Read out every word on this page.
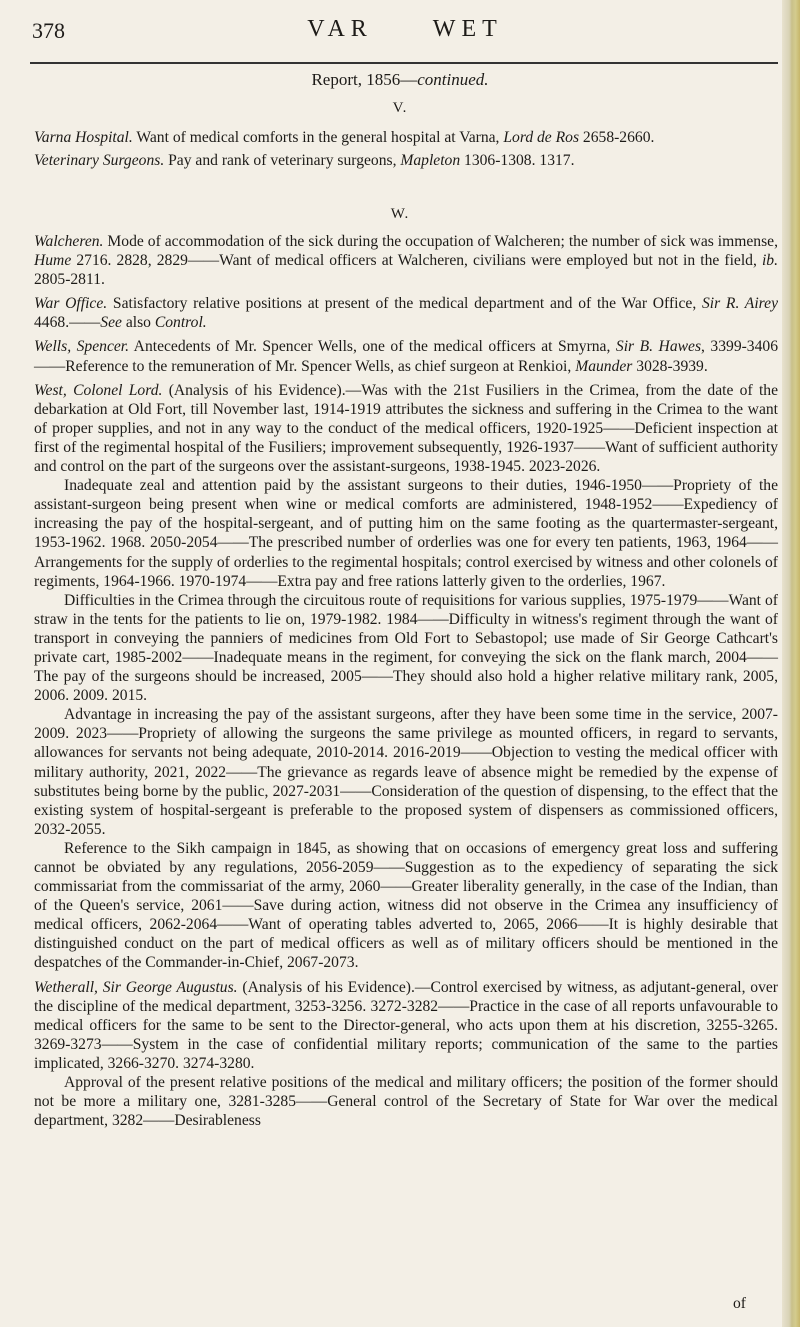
378	VAR	WET
Report, 1856—continued.
V.

Varna Hospital. Want of medical comforts in the general hospital at Varna, Lord de Ros 2658-2660.

Veterinary Surgeons. Pay and rank of veterinary surgeons, Mapleton 1306-1308. 1317.

W.

Walcheren. Mode of accommodation of the sick during the occupation of Walcheren; the number of sick was immense, Hume 2716. 2828, 2829——Want of medical officers at Walcheren, civilians were employed but not in the field, ib. 2805-2811.

War Office. Satisfactory relative positions at present of the medical department and of the War Office, Sir R. Airey 4468.——See also Control.

Wells, Spencer. Antecedents of Mr. Spencer Wells, one of the medical officers at Smyrna, Sir B. Hawes, 3399-3406——Reference to the remuneration of Mr. Spencer Wells, as chief surgeon at Renkioi, Maunder 3028-3939.

West, Colonel Lord. (Analysis of his Evidence).—Was with the 21st Fusiliers in the Crimea, from the date of the debarkation at Old Fort, till November last, 1914-1919 attributes the sickness and suffering in the Crimea to the want of proper supplies, and not in any way to the conduct of the medical officers, 1920-1925——Deficient inspection at first of the regimental hospital of the Fusiliers; improvement subsequently, 1926-1937——Want of sufficient authority and control on the part of the surgeons over the assistant-surgeons, 1938-1945. 2023-2026.

Inadequate zeal and attention paid by the assistant surgeons to their duties, 1946-1950——Propriety of the assistant-surgeon being present when wine or medical comforts are administered, 1948-1952——Expediency of increasing the pay of the hospital-sergeant, and of putting him on the same footing as the quartermaster-sergeant, 1953-1962. 1968. 2050-2054——The prescribed number of orderlies was one for every ten patients, 1963, 1964——Arrangements for the supply of orderlies to the regimental hospitals; control exercised by witness and other colonels of regiments, 1964-1966. 1970-1974——Extra pay and free rations latterly given to the orderlies, 1967.

Difficulties in the Crimea through the circuitous route of requisitions for various supplies, 1975-1979——Want of straw in the tents for the patients to lie on, 1979-1982. 1984——Difficulty in witness's regiment through the want of transport in conveying the panniers of medicines from Old Fort to Sebastopol; use made of Sir George Cathcart's private cart, 1985-2002——Inadequate means in the regiment, for conveying the sick on the flank march, 2004——The pay of the surgeons should be increased, 2005——They should also hold a higher relative military rank, 2005, 2006. 2009. 2015.

Advantage in increasing the pay of the assistant surgeons, after they have been some time in the service, 2007-2009. 2023——Propriety of allowing the surgeons the same privilege as mounted officers, in regard to servants, allowances for servants not being adequate, 2010-2014. 2016-2019——Objection to vesting the medical officer with military authority, 2021, 2022——The grievance as regards leave of absence might be remedied by the expense of substitutes being borne by the public, 2027-2031——Consideration of the question of dispensing, to the effect that the existing system of hospital-sergeant is preferable to the proposed system of dispensers as commissioned officers, 2032-2055.

Reference to the Sikh campaign in 1845, as showing that on occasions of emergency great loss and suffering cannot be obviated by any regulations, 2056-2059——Suggestion as to the expediency of separating the sick commissariat from the commissariat of the army, 2060——Greater liberality generally, in the case of the Indian, than of the Queen's service, 2061——Save during action, witness did not observe in the Crimea any insufficiency of medical officers, 2062-2064——Want of operating tables adverted to, 2065, 2066——It is highly desirable that distinguished conduct on the part of medical officers as well as of military officers should be mentioned in the despatches of the Commander-in-Chief, 2067-2073.

Wetherall, Sir George Augustus. (Analysis of his Evidence).—Control exercised by witness, as adjutant-general, over the discipline of the medical department, 3253-3256. 3272-3282——Practice in the case of all reports unfavourable to medical officers for the same to be sent to the Director-general, who acts upon them at his discretion, 3255-3265. 3269-3273——System in the case of confidential military reports; communication of the same to the parties implicated, 3266-3270. 3274-3280.

Approval of the present relative positions of the medical and military officers; the position of the former should not be more a military one, 3281-3285——General control of the Secretary of State for War over the medical department, 3282——Desirableness

of
